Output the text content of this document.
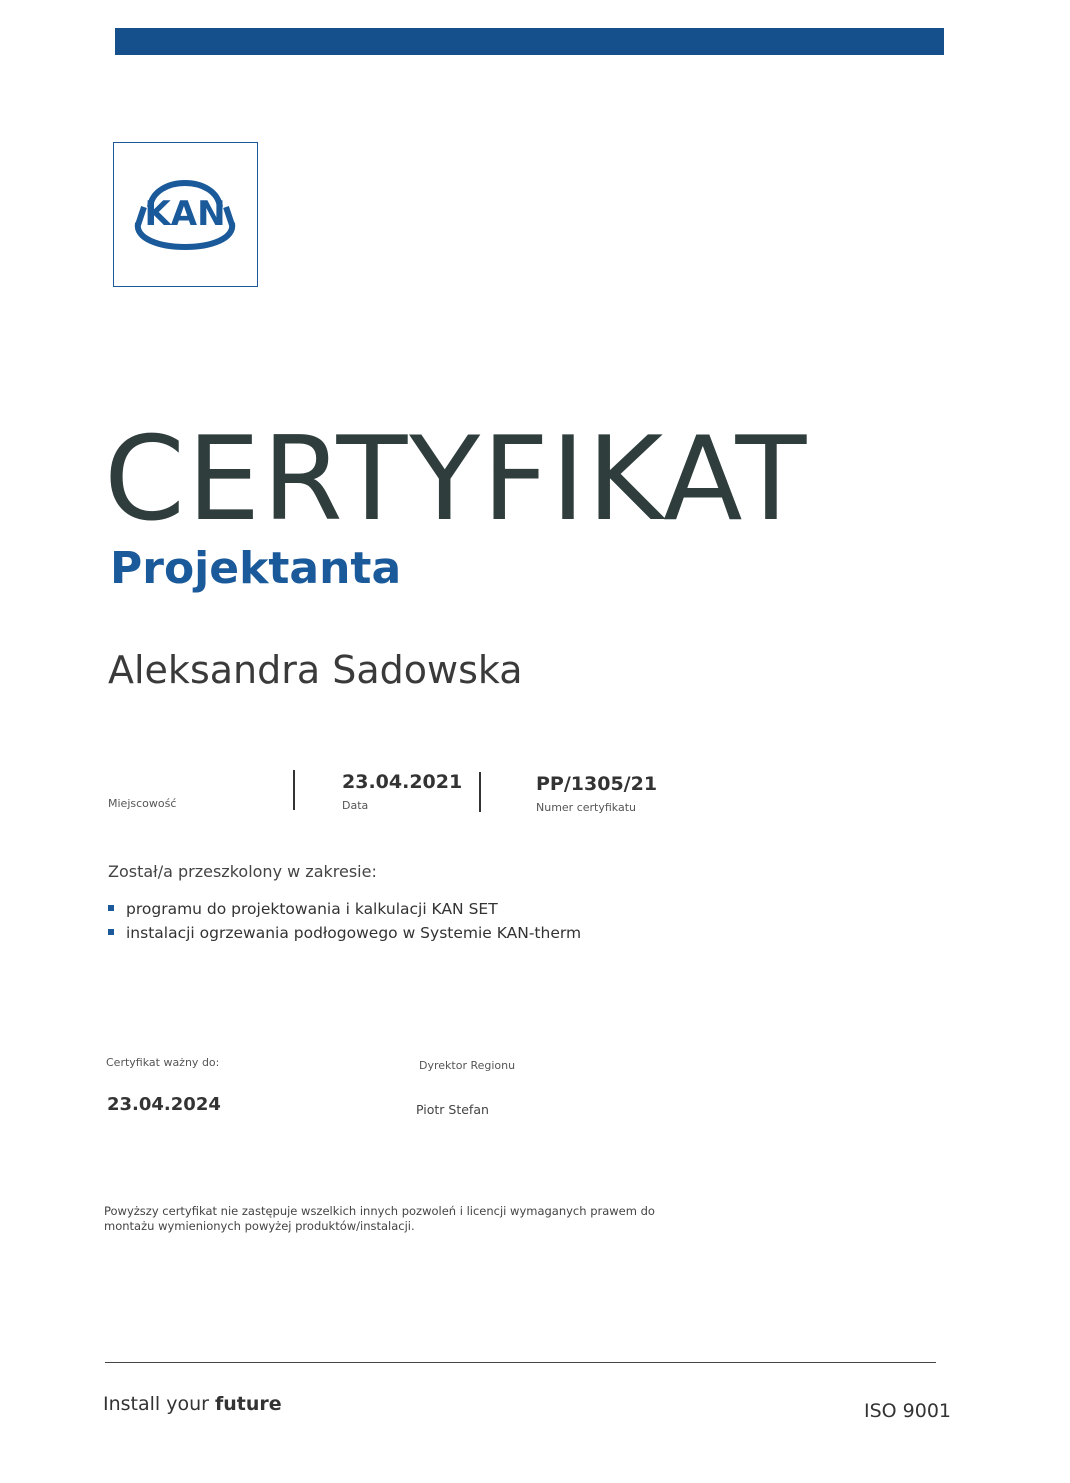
KAN
CERTYFIKAT
Projektanta
Aleksandra Sadowska
Miejscowość
23.04.2021
Data
PP/1305/21
Numer certyfikatu
Został/a przeszkolony w zakresie:
programu do projektowania i kalkulacji KAN SET
instalacji ogrzewania podłogowego w Systemie KAN-therm
Certyfikat ważny do:
23.04.2024
Dyrektor Regionu
Piotr Stefan
Powyższy certyfikat nie zastępuje wszelkich innych pozwoleń i licencji wymaganych prawem do montażu wymienionych powyżej produktów/instalacji.
Install your future	ISO 9001
